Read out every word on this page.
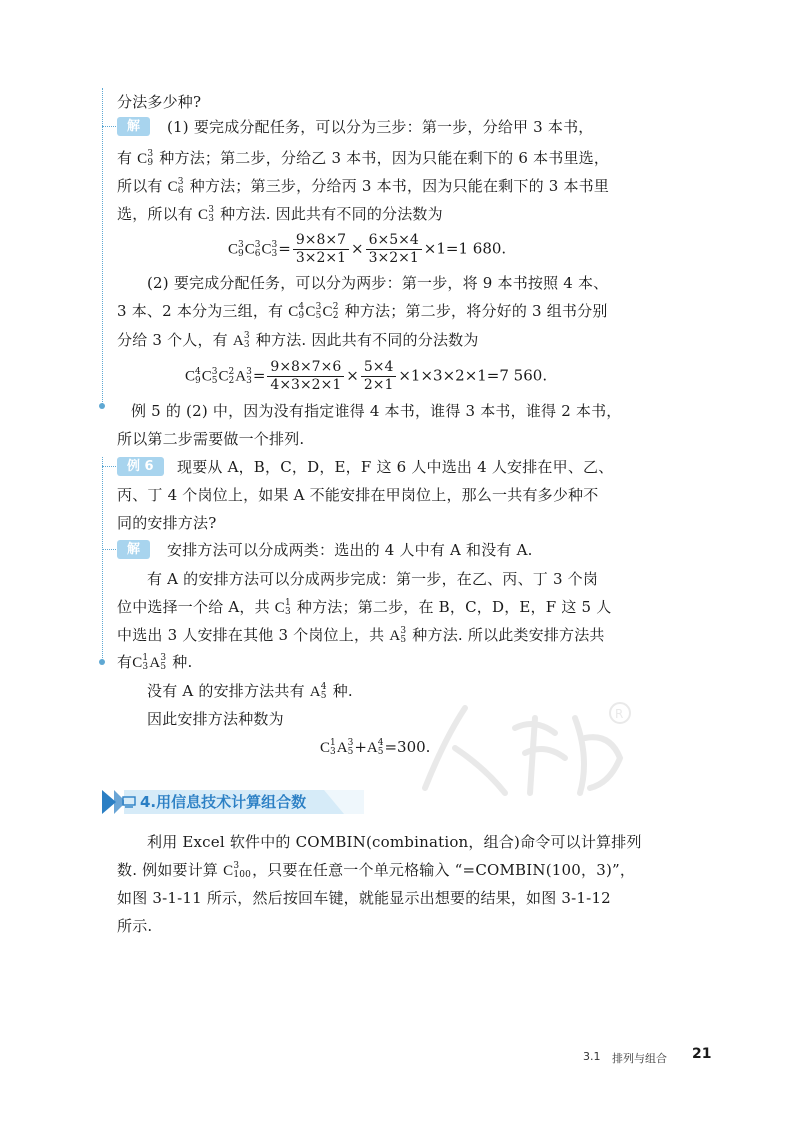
分法多少种?
解	(1) 要完成分配任务，可以分为三步：第一步，分给甲 3 本书，
有 C 3
9 种方法；第二步，分给乙 3 本书，因为只能在剩下的 6 本书里选，
所以有 C 3
6 种方法；第三步，分给丙 3 本书，因为只能在剩下的 3 本书里
选，所以有 C 3
3 种方法. 因此共有不同的分法数为
C 3
9 C 3
6 C 3
$3 = \frac{9\times 8\times 7}{3\times 2\times 1} \times \frac{6\times 5\times 4}{3\times 2\times 1} \times 1=1$ 680.
(2) 要完成分配任务，可以分为两步：第一步，将 9 本书按照 4 本、
3 本、2 本分为三组，有 C 4
9 C 3
5 C 2
2 种方法；第二步，将分好的 3 组书分别
分给 3 个人，有 A 3
3 种方法. 因此共有不同的分法数为
C 4
9 C 3
5 C 2
2 A 3
$3 = \frac{9\times 8\times 7\times 6}{4\times 3\times 2\times 1} \times \frac{5\times 4}{2\times 1} \times 1\times 3\times 2\times 1=7$ 560.
例 5 的 (2) 中，因为没有指定谁得 4 本书，谁得 3 本书，谁得 2 本书，
所以第二步需要做一个排列.
例 6	现要从 A，B，C，D，E，F 这 6 人中选出 4 人安排在甲、乙、
丙、丁 4 个岗位上，如果 A 不能安排在甲岗位上，那么一共有多少种不
同的安排方法?
解	安排方法可以分成两类：选出的 4 人中有 A 和没有 A.
有 A 的安排方法可以分成两步完成：第一步，在乙、丙、丁 3 个岗
位中选择一个给 A，共 C 1
3 种方法；第二步，在 B，C，D，E，F 这 5 人
中选出 3 人安排在其他 3 个岗位上，共 A 3
5 种方法. 所以此类安排方法共
有C 1
3 A 3
5 种.
没有 A 的安排方法共有 A 4
5 种.
因此安排方法种数为
C 1
3 A 3
5 +A 4
5 =300.
R
4.用信息技术计算组合数
利用 Excel 软件中的 COMBIN(combination，组合)命令可以计算排列
数. 例如要计算 C 3
100 ，只要在任意一个单元格输入 “=COMBIN(100，3)”，
如图 3-1-11 所示，然后按回车键，就能显示出想要的结果，如图 3-1-12
所示.
3.1 排列与组合 21
